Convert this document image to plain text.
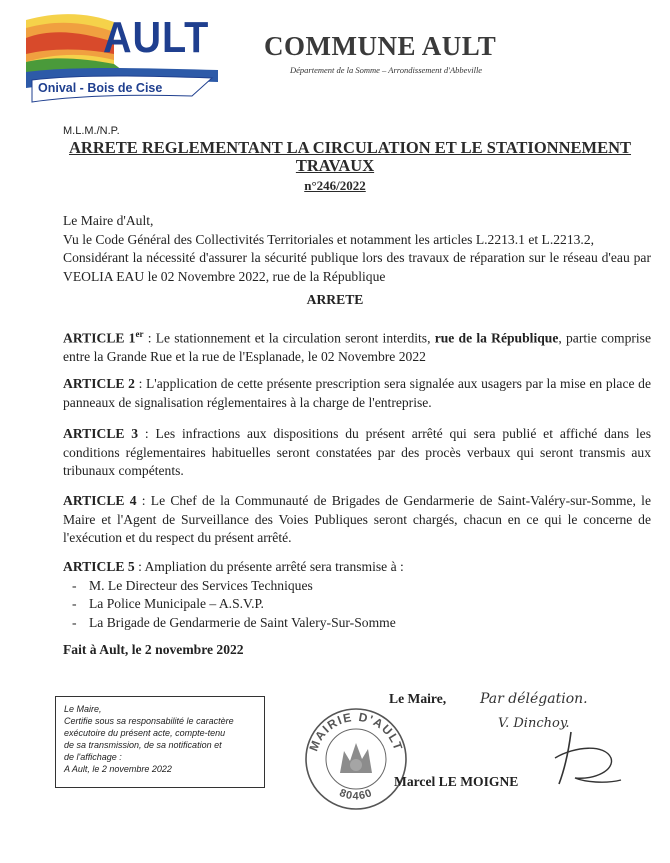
AULT
Onival - Bois de Cise
COMMUNE AULT
Département de la Somme – Arrondissement d'Abbeville
M.L.M./N.P.
ARRETE REGLEMENTANT LA CIRCULATION ET LE STATIONNEMENT
TRAVAUX
n°246/2022
Le Maire d'Ault,
Vu le Code Général des Collectivités Territoriales et notamment les articles L.2213.1 et L.2213.2,
Considérant la nécessité d'assurer la sécurité publique lors des travaux de réparation sur le réseau d'eau par VEOLIA EAU le 02 Novembre 2022, rue de la République
ARRETE
ARTICLE 1er : Le stationnement et la circulation seront interdits, rue de la République, partie comprise entre la Grande Rue et la rue de l'Esplanade, le 02 Novembre 2022
ARTICLE 2 : L'application de cette présente prescription sera signalée aux usagers par la mise en place de panneaux de signalisation réglementaires à la charge de l'entreprise.
ARTICLE 3 : Les infractions aux dispositions du présent arrêté qui sera publié et affiché dans les conditions réglementaires habituelles seront constatées par des procès verbaux qui seront transmis aux tribunaux compétents.
ARTICLE 4 : Le Chef de la Communauté de Brigades de Gendarmerie de Saint-Valéry-sur-Somme, le Maire et l'Agent de Surveillance des Voies Publiques seront chargés, chacun en ce qui le concerne de l'exécution et du respect du présent arrêté.
ARTICLE 5 : Ampliation du présente arrêté sera transmise à :
- M. Le Directeur des Services Techniques
- La Police Municipale – A.S.V.P.
- La Brigade de Gendarmerie de Saint Valery-Sur-Somme
Fait à Ault, le 2 novembre 2022
Le Maire,
Certifie sous sa responsabilité le caractère
exécutoire du présent acte, compte-tenu
de sa transmission, de sa notification et
de l'affichage :
A Ault, le 2 novembre 2022
Le Maire,
MAIRIE D'AULT
80460
Par délégation.
V. Dinchoy.
Marcel LE MOIGNE
